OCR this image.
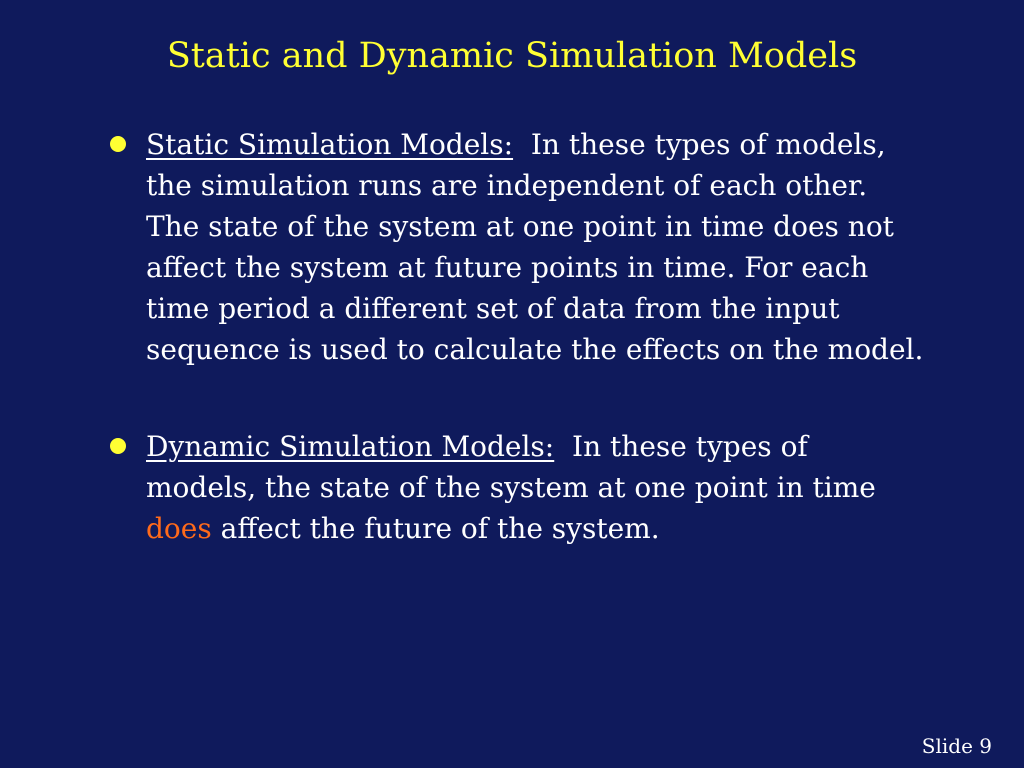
Static and Dynamic Simulation Models
Static Simulation Models: In these types of models,
the simulation runs are independent of each other.
The state of the system at one point in time does not
affect the system at future points in time. For each
time period a different set of data from the input
sequence is used to calculate the effects on the model.
Dynamic Simulation Models: In these types of
models, the state of the system at one point in time
does affect the future of the system.
Slide 9
